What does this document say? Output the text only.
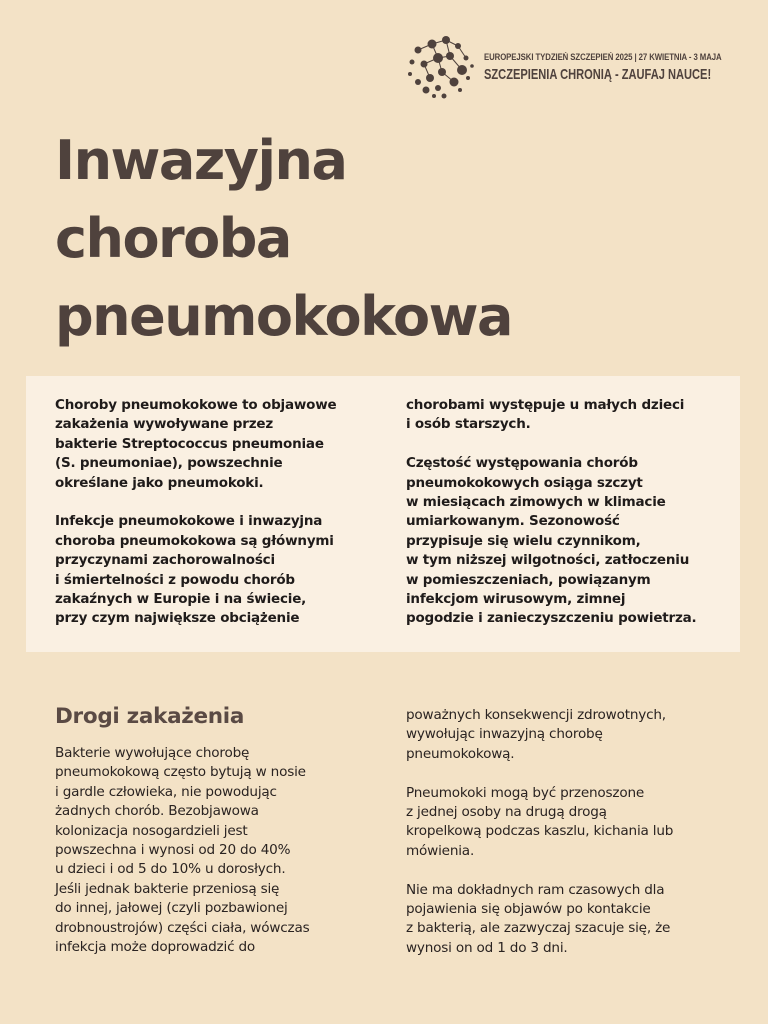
EUROPEJSKI TYDZIEŃ SZCZEPIEŃ 2025 | 27 KWIETNIA - 3 MAJA
SZCZEPIENIA CHRONIĄ - ZAUFAJ NAUCE!
Inwazyjna
choroba
pneumokokowa
Choroby pneumokokowe to objawowe
zakażenia wywoływane przez
bakterie Streptococcus pneumoniae
(S. pneumoniae), powszechnie
określane jako pneumokoki.
Infekcje pneumokokowe i inwazyjna
choroba pneumokokowa są głównymi
przyczynami zachorowalności
i śmiertelności z powodu chorób
zakaźnych w Europie i na świecie,
przy czym największe obciążenie
chorobami występuje u małych dzieci
i osób starszych.
Częstość występowania chorób
pneumokokowych osiąga szczyt
w miesiącach zimowych w klimacie
umiarkowanym. Sezonowość
przypisuje się wielu czynnikom,
w tym niższej wilgotności, zatłoczeniu
w pomieszczeniach, powiązanym
infekcjom wirusowym, zimnej
pogodzie i zanieczyszczeniu powietrza.
Drogi zakażenia
Bakterie wywołujące chorobę
pneumokokową często bytują w nosie
i gardle człowieka, nie powodując
żadnych chorób. Bezobjawowa
kolonizacja nosogardzieli jest
powszechna i wynosi od 20 do 40%
u dzieci i od 5 do 10% u dorosłych.
Jeśli jednak bakterie przeniosą się
do innej, jałowej (czyli pozbawionej
drobnoustrojów) części ciała, wówczas
infekcja może doprowadzić do
poważnych konsekwencji zdrowotnych,
wywołując inwazyjną chorobę
pneumokokową.
Pneumokoki mogą być przenoszone
z jednej osoby na drugą drogą
kropelkową podczas kaszlu, kichania lub
mówienia.
Nie ma dokładnych ram czasowych dla
pojawienia się objawów po kontakcie
z bakterią, ale zazwyczaj szacuje się, że
wynosi on od 1 do 3 dni.
